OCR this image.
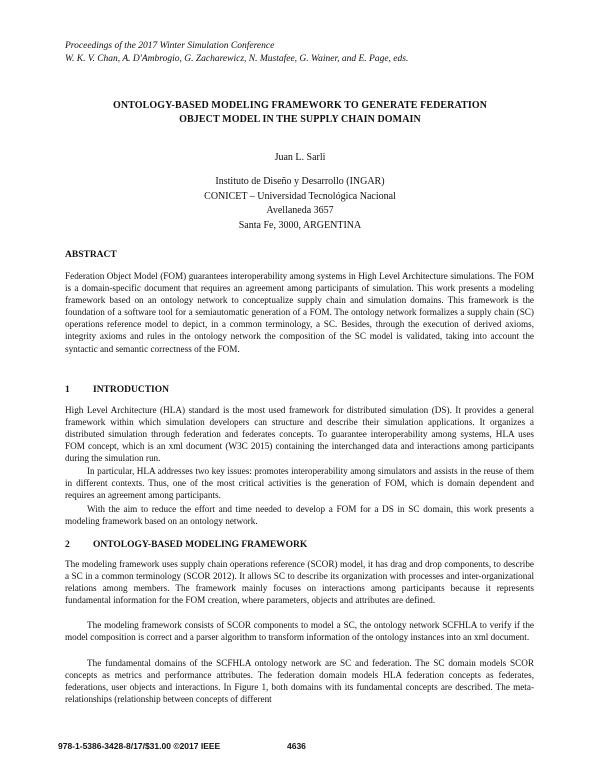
Proceedings of the 2017 Winter Simulation Conference
W. K. V. Chan, A. D'Ambrogio, G. Zacharewicz, N. Mustafee, G. Wainer, and E. Page, eds.
ONTOLOGY-BASED MODELING FRAMEWORK TO GENERATE FEDERATION
OBJECT MODEL IN THE SUPPLY CHAIN DOMAIN
Juan L. Sarli
Instituto de Diseño y Desarrollo (INGAR)
CONICET – Universidad Tecnológica Nacional
Avellaneda 3657
Santa Fe, 3000, ARGENTINA
ABSTRACT

Federation Object Model (FOM) guarantees interoperability among systems in High Level Architecture simulations. The FOM is a domain-specific document that requires an agreement among participants of simulation. This work presents a modeling framework based on an ontology network to conceptualize supply chain and simulation domains. This framework is the foundation of a software tool for a semiautomatic generation of a FOM. The ontology network formalizes a supply chain (SC) operations reference model to depict, in a common terminology, a SC. Besides, through the execution of derived axioms, integrity axioms and rules in the ontology network the composition of the SC model is validated, taking into account the syntactic and semantic correctness of the FOM.

1 INTRODUCTION

High Level Architecture (HLA) standard is the most used framework for distributed simulation (DS). It provides a general framework within which simulation developers can structure and describe their simulation applications. It organizes a distributed simulation through federation and federates concepts. To guarantee interoperability among systems, HLA uses FOM concept, which is an xml document (W3C 2015) containing the interchanged data and interactions among participants during the simulation run.

In particular, HLA addresses two key issues: promotes interoperability among simulators and assists in the reuse of them in different contexts. Thus, one of the most critical activities is the generation of FOM, which is domain dependent and requires an agreement among participants.

With the aim to reduce the effort and time needed to develop a FOM for a DS in SC domain, this work presents a modeling framework based on an ontology network.

2 ONTOLOGY-BASED MODELING FRAMEWORK

The modeling framework uses supply chain operations reference (SCOR) model, it has drag and drop components, to describe a SC in a common terminology (SCOR 2012). It allows SC to describe its organization with processes and inter-organizational relations among members. The framework mainly focuses on interactions among participants because it represents fundamental information for the FOM creation, where parameters, objects and attributes are defined.

The modeling framework consists of SCOR components to model a SC, the ontology network SCFHLA to verify if the model composition is correct and a parser algorithm to transform information of the ontology instances into an xml document.

The fundamental domains of the SCFHLA ontology network are SC and federation. The SC domain models SCOR concepts as metrics and performance attributes. The federation domain models HLA federation concepts as federates, federations, user objects and interactions. In Figure 1, both domains with its fundamental concepts are described. The meta-relationships (relationship between concepts of different

978-1-5386-3428-8/17/$31.00 ©2017 IEEE	4636
